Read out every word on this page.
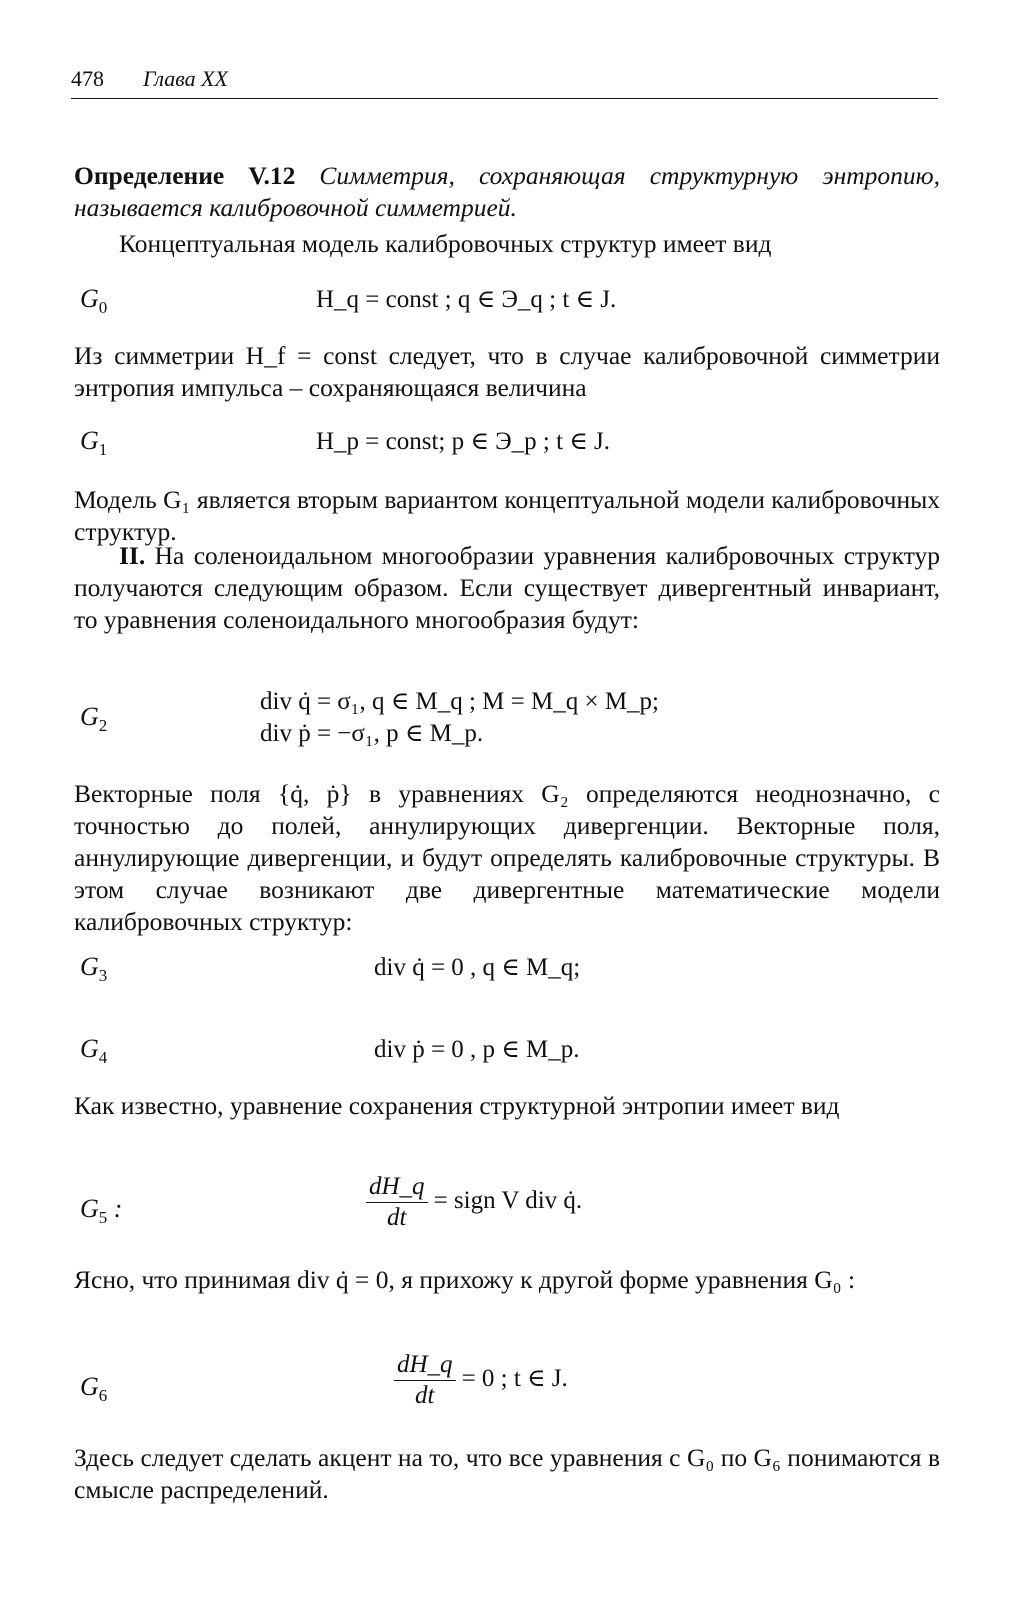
478 Глава XX
Определение V.12 Симметрия, сохраняющая структурную энтропию, называется калибровочной симметрией.
Концептуальная модель калибровочных структур имеет вид
$G_0$	H_q = const ; q ∈ Э_q ; t ∈ J.
Из симметрии H_f = const следует, что в случае калибровочной симметрии энтропия импульса – сохраняющаяся величина
$G_1$	H_p = const; p ∈ Э_p ; t ∈ J.
Модель G₁ является вторым вариантом концептуальной модели калибровочных структур.
II. На соленоидальном многообразии уравнения калибровочных структур получаются следующим образом. Если существует дивергентный инвариант, то уравнения соленоидального многообразия будут:
$G_2$
div q̇ = σ₁, q ∈ M_q ; M = M_q × M_p;
div ṗ = −σ₁, p ∈ M_p.
Векторные поля {q̇, ṗ} в уравнениях G₂ определяются неоднозначно, с точностью до полей, аннулирующих дивергенции. Векторные поля, аннулирующие дивергенции, и будут определять калибровочные структуры. В этом случае возникают две дивергентные математические модели калибровочных структур:
$G_3$	div q̇ = 0 , q ∈ M_q;
$G_4$	div ṗ = 0 , p ∈ M_p.
Как известно, уравнение сохранения структурной энтропии имеет вид
$G_5$ :	$\frac{dH\_q}{dt}$ = sign V div q̇.
Ясно, что принимая div q̇ = 0, я прихожу к другой форме уравнения G₀ :
$G_6$	$\frac{dH\_q}{dt} = 0$ ; t ∈ J.
Здесь следует сделать акцент на то, что все уравнения с G₀ по G₆ понимаются в смысле распределений.
